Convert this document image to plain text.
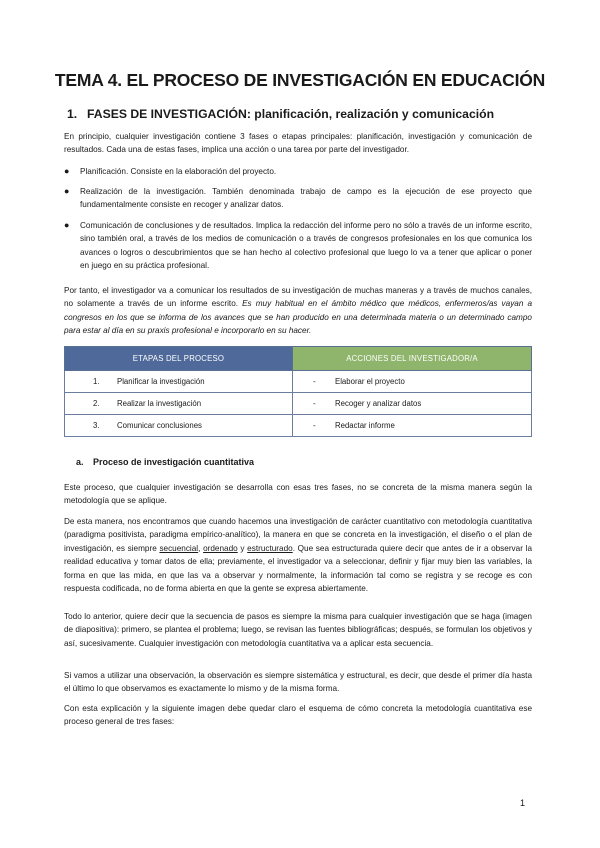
TEMA 4. EL PROCESO DE INVESTIGACIÓN EN EDUCACIÓN
1. FASES DE INVESTIGACIÓN: planificación, realización y comunicación

En principio, cualquier investigación contiene 3 fases o etapas principales: planificación, investigación y comunicación de resultados. Cada una de estas fases, implica una acción o una tarea por parte del investigador.

●	Planificación. Consiste en la elaboración del proyecto.
●	Realización de la investigación. También denominada trabajo de campo es la ejecución de ese proyecto que fundamentalmente consiste en recoger y analizar datos.
●	Comunicación de conclusiones y de resultados. Implica la redacción del informe pero no sólo a través de un informe escrito, sino también oral, a través de los medios de comunicación o a través de congresos profesionales en los que comunica los avances o logros o descubrimientos que se han hecho al colectivo profesional que luego lo va a tener que aplicar o poner en juego en su práctica profesional.

Por tanto, el investigador va a comunicar los resultados de su investigación de muchas maneras y a través de muchos canales, no solamente a través de un informe escrito. Es muy habitual en el ámbito médico que médicos, enfermeros/as vayan a congresos en los que se informa de los avances que se han producido en una determinada materia o un determinado campo para estar al día en su praxis profesional e incorporarlo en su hacer.

ETAPAS DEL PROCESO	ACCIONES DEL INVESTIGADOR/A
1. Planificar la investigación	- Elaborar el proyecto
2. Realizar la investigación	- Recoger y analizar datos
3. Comunicar conclusiones	- Redactar informe
a. Proceso de investigación cuantitativa

Este proceso, que cualquier investigación se desarrolla con esas tres fases, no se concreta de la misma manera según la metodología que se aplique.

De esta manera, nos encontramos que cuando hacemos una investigación de carácter cuantitativo con metodología cuantitativa (paradigma positivista, paradigma empírico-analítico), la manera en que se concreta en la investigación, el diseño o el plan de investigación, es siempre secuencial, ordenado y estructurado. Que sea estructurada quiere decir que antes de ir a observar la realidad educativa y tomar datos de ella; previamente, el investigador va a seleccionar, definir y fijar muy bien las variables, la forma en que las mida, en que las va a observar y normalmente, la información tal como se registra y se recoge es con respuesta codificada, no de forma abierta en que la gente se expresa abiertamente.

Todo lo anterior, quiere decir que la secuencia de pasos es siempre la misma para cualquier investigación que se haga (imagen de diapositiva): primero, se plantea el problema; luego, se revisan las fuentes bibliográficas; después, se formulan los objetivos y así, sucesivamente. Cualquier investigación con metodología cuantitativa va a aplicar esta secuencia.

Si vamos a utilizar una observación, la observación es siempre sistemática y estructural, es decir, que desde el primer día hasta el último lo que observamos es exactamente lo mismo y de la misma forma.

Con esta explicación y la siguiente imagen debe quedar claro el esquema de cómo concreta la metodología cuantitativa ese proceso general de tres fases:

1
